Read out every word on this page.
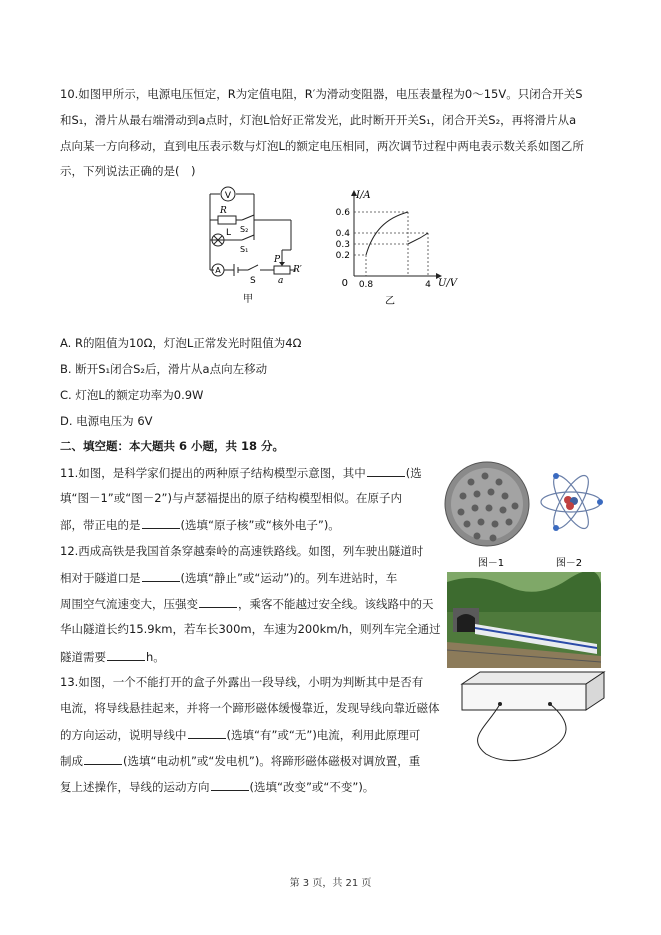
10.如图甲所示，电源电压恒定，R为定值电阻，R′为滑动变阻器，电压表量程为0～15V。只闭合开关S
和S₁，滑片从最右端滑动到a点时，灯泡L恰好正常发光，此时断开开关S₁，闭合开关S₂，再将滑片从a
点向某一方向移动，直到电压表示数与灯泡L的额定电压相同，两次调节过程中两电表示数关系如图乙所
示，下列说法正确的是(　)
V
R
S₂
L
S₁
A
P
R′
a
S
甲
I/A
U/V
0
0.6
0.4
0.3
0.2
0.8	4
乙
A. R的阻值为10Ω，灯泡L正常发光时阻值为4Ω
B. 断开S₁闭合S₂后，滑片从a点向左移动
C. 灯泡L的额定功率为0.9W
D. 电源电压为 6V
二、填空题：本大题共 6 小题，共 18 分。
11.如图，是科学家们提出的两种原子结构模型示意图，其中	(选
填“图－1”或“图－2”)与卢瑟福提出的原子结构模型相似。在原子内
部，带正电的是	(选填“原子核”或“核外电子”)。
图－1	图－2
12.西成高铁是我国首条穿越秦岭的高速铁路线。如图，列车驶出隧道时
相对于隧道口是	(选填“静止”或“运动”)的。列车进站时，车
周围空气流速变大，压强变	，乘客不能越过安全线。该线路中的天
华山隧道长约15.9km，若车长300m，车速为200km/h，则列车完全通过
隧道需要	h。
13.如图，一个不能打开的盒子外露出一段导线，小明为判断其中是否有
电流，将导线悬挂起来，并将一个蹄形磁体缓慢靠近，发现导线向靠近磁体
的方向运动，说明导线中	(选填“有”或“无”)电流，利用此原理可
制成	(选填“电动机”或“发电机”)。将蹄形磁体磁极对调放置，重
复上述操作，导线的运动方向	(选填“改变”或“不变”)。
第 3 页，共 21 页
